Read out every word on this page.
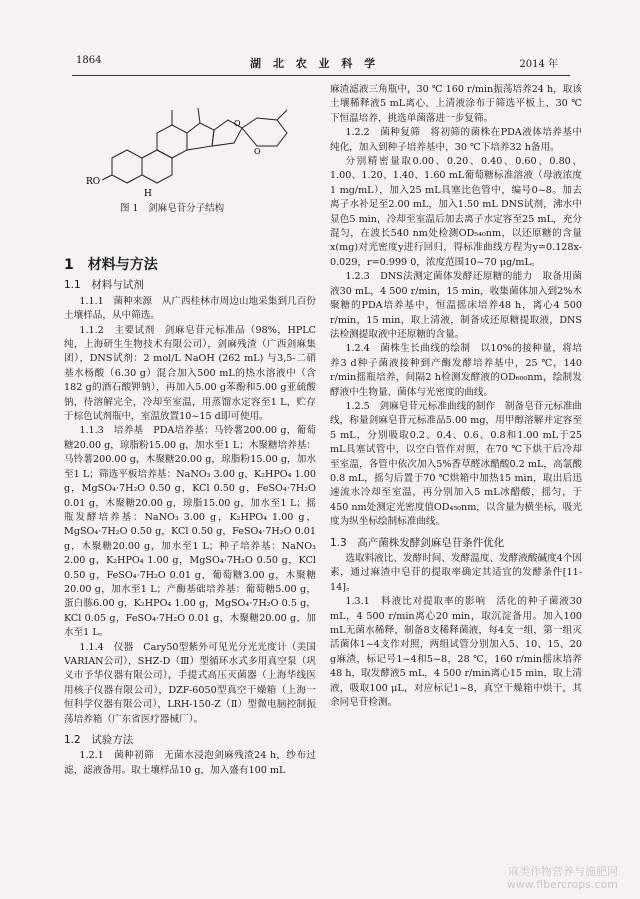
1864	湖 北 农 业 科 学	2014 年
RO
H
O
O
图 1　剑麻皂苷分子结构
1　材料与方法
1.1　材料与试剂

1.1.1　菌种来源　从广西桂林市周边山地采集到几百份土壤样品，从中筛选。

1.1.2　主要试剂　剑麻皂苷元标准品（98%，HPLC纯，上海研生生物技术有限公司），剑麻残渣（广西剑麻集团），DNS试剂：2 mol/L NaOH (262 mL) 与3,5-二硝基水杨酸（6.30 g）混合加入500 mL的热水溶液中（含182 g的酒石酸钾钠），再加入5.00 g苯酚和5.00 g亚硫酸钠，待溶解完全，冷却至室温，用蒸馏水定容至1 L，贮存于棕色试剂瓶中，室温放置10~15 d即可使用。

1.1.3　培养基　PDA培养基：马铃薯200.00 g，葡萄糖20.00 g，琼脂粉15.00 g，加水至1 L；木聚糖培养基：马铃薯200.00 g，木聚糖20.00 g，琼脂粉15.00 g，加水至1 L；筛选平板培养基：NaNO₃ 3.00 g，K₂HPO₄ 1.00 g，MgSO₄·7H₂O 0.50 g，KCl 0.50 g，FeSO₄·7H₂O 0.01 g，木聚糖20.00 g，琼脂15.00 g，加水至1 L；摇瓶发酵培养基：NaNO₃ 3.00 g，K₂HPO₄ 1.00 g，MgSO₄·7H₂O 0.50 g，KCl 0.50 g，FeSO₄·7H₂O 0.01 g，木聚糖20.00 g，加水至1 L；种子培养基：NaNO₃ 2.00 g，K₂HPO₄ 1.00 g，MgSO₄·7H₂O 0.50 g，KCl 0.50 g，FeSO₄·7H₂O 0.01 g，葡萄糖3.00 g，木聚糖20.00 g，加水至1 L；产酶基础培养基：葡萄糖5.00 g，蛋白胨6.00 g，K₂HPO₄ 1.00 g，MgSO₄·7H₂O 0.5 g，KCl 0.05 g，FeSO₄·7H₂O 0.01 g，木聚糖20.00 g，加水至1 L。

1.1.4　仪器　Cary50型紫外可见光分光光度计（美国VARIAN公司），SHZ-D（Ⅲ）型循环水式多用真空泵（巩义市予华仪器有限公司），手提式高压灭菌器（上海华线医用核子仪器有限公司），DZF-6050型真空干燥箱（上海一恒科学仪器有限公司），LRH-150-Z（Ⅱ）型微电脑控制振荡培养箱（广东省医疗器械厂）。

1.2　试验方法

1.2.1　菌种初筛　无菌水浸泡剑麻残渣24 h，纱布过滤，滤液备用。取土壤样品10 g，加入盛有100 mL

麻渣滤液三角瓶中，30 ℃ 160 r/min振荡培养24 h，取该土壤稀释液5 mL离心，上清液涂布于筛选平板上，30 ℃下恒温培养，挑选单菌落进一步复筛。

1.2.2　菌种复筛　将初筛的菌株在PDA液体培养基中纯化，加入到种子培养基中，30 ℃下培养32 h备用。

分别精密量取0.00、0.20、0.40、0.60、0.80、1.00、1.20、1.40、1.60 mL葡萄糖标准溶液（母液浓度1 mg/mL），加入25 mL具塞比色管中，编号0~8。加去离子水补足至2.00 mL，加入1.50 mL DNS试剂，沸水中显色5 min，冷却至室温后加去离子水定容至25 mL，充分混匀，在波长540 nm处检测OD₅₄₀nm，以还原糖的含量x(mg)对光密度y进行回归，得标准曲线方程为y=0.128x-0.029，r=0.999 0，浓度范围10~70 μg/mL。

1.2.3　DNS法测定菌体发酵还原糖的能力　取备用菌液30 mL，4 500 r/min，15 min，收集菌体加入到2%木聚糖的PDA培养基中，恒温摇床培养48 h，离心4 500 r/min，15 min，取上清液，制备成还原糖提取液，DNS法检测提取液中还原糖的含量。

1.2.4　菌株生长曲线的绘制　以10%的接种量，将培养3 d种子菌液接种到产酶发酵培养基中，25 ℃，140 r/min摇瓶培养，间隔2 h检测发酵液的OD₆₀₀nm，绘制发酵液中生物量、菌体与光密度的曲线。

1.2.5　剑麻皂苷元标准曲线的制作　制备皂苷元标准曲线，称量剑麻皂苷元标准品5.00 mg，用甲醇溶解并定容至5 mL，分别吸取0.2、0.4、0.6、0.8和1.00 mL于25 mL具塞试管中，以空白管作对照，在70 ℃下烘干后冷却至室温，各管中依次加入5%香草醛冰醋酸0.2 mL，高氯酸0.8 mL，摇匀后置于70 ℃烘箱中加热15 min，取出后迅速流水冷却至室温，再分别加入5 mL冰醋酸，摇匀，于450 nm处测定光密度值OD₄₅₀nm，以含量为横坐标，吸光度为纵坐标绘制标准曲线。

1.3　高产菌株发酵剑麻皂苷条件优化

选取料液比、发酵时间、发酵温度、发酵液酸碱度4个因素，通过麻渣中皂苷的提取率确定其适宜的发酵条件[11-14]。

1.3.1　料液比对提取率的影响　活化的种子菌液30 mL，4 500 r/min离心20 min，取沉淀备用。加入100 mL无菌水稀释，制备8支稀释菌液，每4支一组，第一组灭活菌体1~4支作对照，两组试管分别加入5、10、15、20 g麻渣，标记号1~4和5~8，28 ℃，160 r/min摇床培养48 h，取发酵液5 mL，4 500 r/min离心15 min，取上清液，吸取100 μL，对应标记1~8，真空干燥箱中烘干，其余同皂苷检测。

麻类作物营养与施肥网
www.fibercrops.com
